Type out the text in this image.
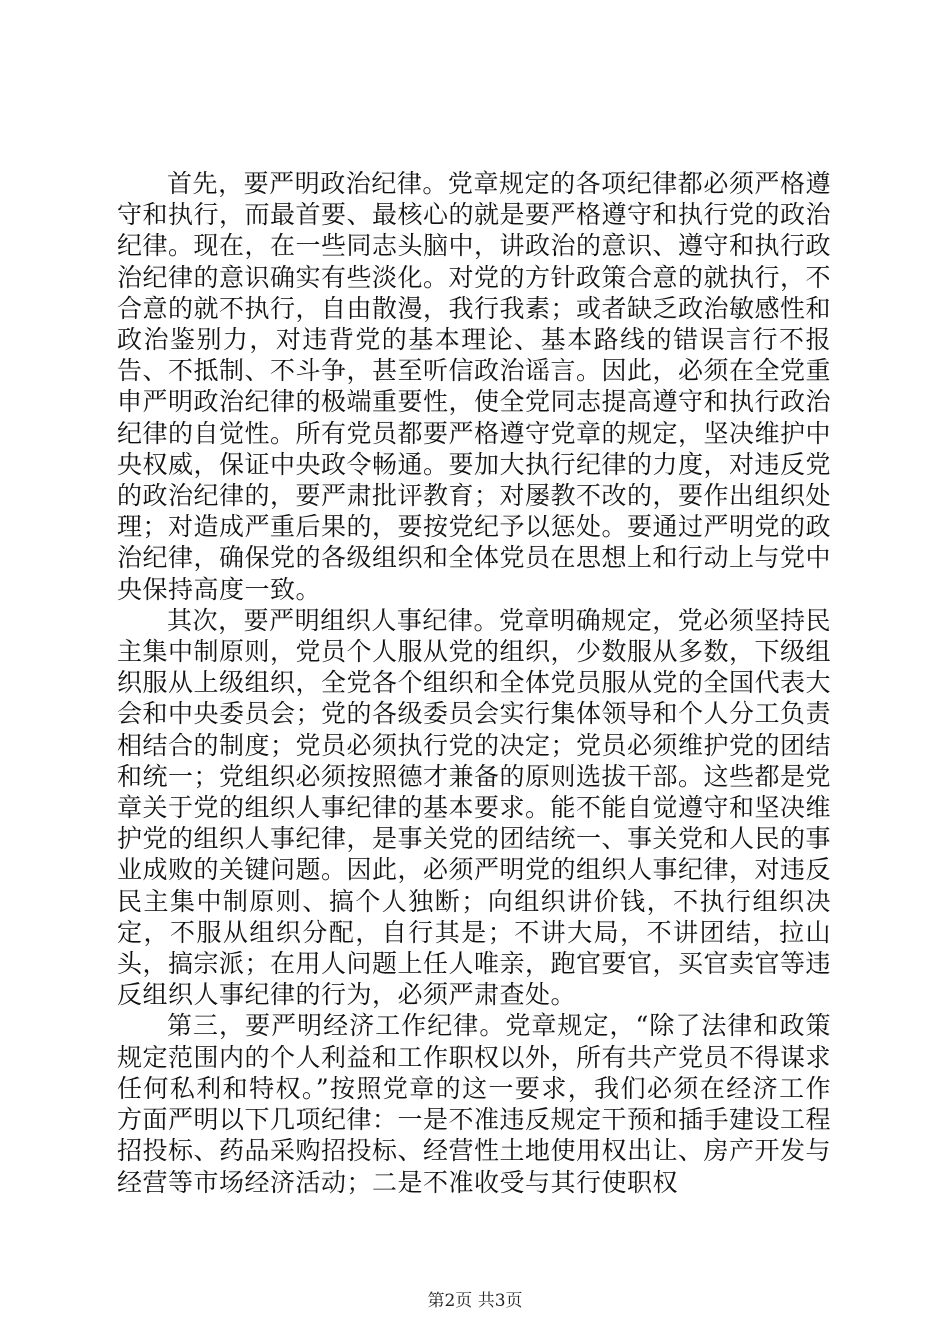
首先，要严明政治纪律。党章规定的各项纪律都必须严格遵守和执行，而最首要、最核心的就是要严格遵守和执行党的政治纪律。现在，在一些同志头脑中，讲政治的意识、遵守和执行政治纪律的意识确实有些淡化。对党的方针政策合意的就执行，不合意的就不执行，自由散漫，我行我素；或者缺乏政治敏感性和政治鉴别力，对违背党的基本理论、基本路线的错误言行不报告、不抵制、不斗争，甚至听信政治谣言。因此，必须在全党重申严明政治纪律的极端重要性，使全党同志提高遵守和执行政治纪律的自觉性。所有党员都要严格遵守党章的规定，坚决维护中央权威，保证中央政令畅通。要加大执行纪律的力度，对违反党的政治纪律的，要严肃批评教育；对屡教不改的，要作出组织处理；对造成严重后果的，要按党纪予以惩处。要通过严明党的政治纪律，确保党的各级组织和全体党员在思想上和行动上与党中央保持高度一致。

其次，要严明组织人事纪律。党章明确规定，党必须坚持民主集中制原则，党员个人服从党的组织，少数服从多数，下级组织服从上级组织，全党各个组织和全体党员服从党的全国代表大会和中央委员会；党的各级委员会实行集体领导和个人分工负责相结合的制度；党员必须执行党的决定；党员必须维护党的团结和统一；党组织必须按照德才兼备的原则选拔干部。这些都是党章关于党的组织人事纪律的基本要求。能不能自觉遵守和坚决维护党的组织人事纪律，是事关党的团结统一、事关党和人民的事业成败的关键问题。因此，必须严明党的组织人事纪律，对违反民主集中制原则、搞个人独断；向组织讲价钱，不执行组织决定，不服从组织分配，自行其是；不讲大局，不讲团结，拉山头，搞宗派；在用人问题上任人唯亲，跑官要官，买官卖官等违反组织人事纪律的行为，必须严肃查处。

第三，要严明经济工作纪律。党章规定，“除了法律和政策规定范围内的个人利益和工作职权以外，所有共产党员不得谋求任何私利和特权。”按照党章的这一要求，我们必须在经济工作方面严明以下几项纪律：一是不准违反规定干预和插手建设工程招投标、药品采购招投标、经营性土地使用权出让、房产开发与经营等市场经济活动；二是不准收受与其行使职权

第2页 共3页
